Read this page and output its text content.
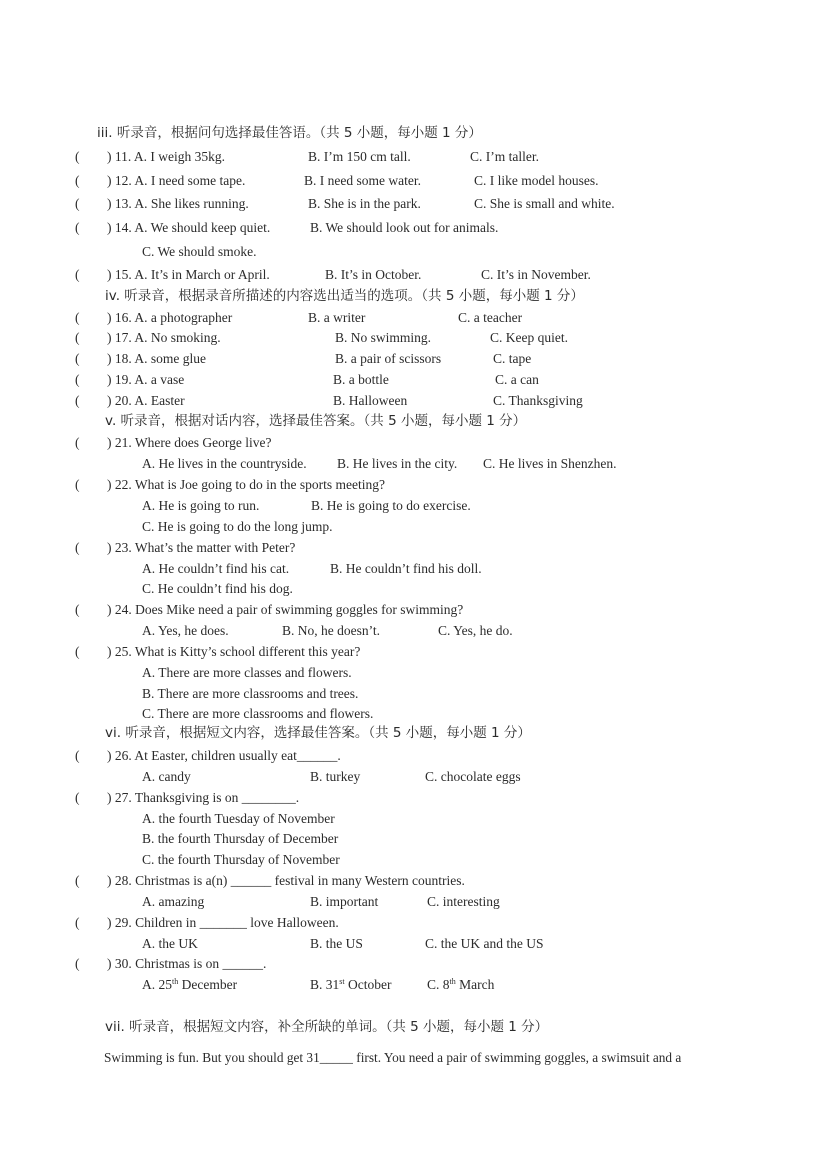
iii. 听录音，根据问句选择最佳答语。（共 5 小题，每小题 1 分）
( ) 11. A. I weigh 35kg.	B. I’m 150 cm tall.	C. I’m taller.
( ) 12. A. I need some tape.	B. I need some water.	C. I like model houses.
( ) 13. A. She likes running.	B. She is in the park.	C. She is small and white.
( ) 14. A. We should keep quiet.	B. We should look out for animals.
C. We should smoke.
( ) 15. A. It’s in March or April.	B. It’s in October.	C. It’s in November.
iv. 听录音，根据录音所描述的内容选出适当的选项。（共 5 小题，每小题 1 分）
( ) 16. A. a photographer	B. a writer	C. a teacher
( ) 17. A. No smoking.	B. No swimming.	C. Keep quiet.
( ) 18. A. some glue	B. a pair of scissors	C. tape
( ) 19. A. a vase	B. a bottle	C. a can
( ) 20. A. Easter	B. Halloween	C. Thanksgiving
v. 听录音，根据对话内容，选择最佳答案。（共 5 小题，每小题 1 分）
( ) 21. Where does George live?
A. He lives in the countryside. B. He lives in the city. C. He lives in Shenzhen.
( ) 22. What is Joe going to do in the sports meeting?
A. He is going to run.	B. He is going to do exercise.
C. He is going to do the long jump.
( ) 23. What’s the matter with Peter?
A. He couldn’t find his cat.	B. He couldn’t find his doll.
C. He couldn’t find his dog.
( ) 24. Does Mike need a pair of swimming goggles for swimming?
A. Yes, he does.	B. No, he doesn’t.	C. Yes, he do.
( ) 25. What is Kitty’s school different this year?
A. There are more classes and flowers.
B. There are more classrooms and trees.
C. There are more classrooms and flowers.
vi. 听录音，根据短文内容，选择最佳答案。（共 5 小题，每小题 1 分）
( ) 26. At Easter, children usually eat______.
A. candy	B. turkey	C. chocolate eggs
( ) 27. Thanksgiving is on ________.
A. the fourth Tuesday of November
B. the fourth Thursday of December
C. the fourth Thursday of November
( ) 28. Christmas is a(n) ______ festival in many Western countries.
A. amazing	B. important	C. interesting
( ) 29. Children in _______ love Halloween.
A. the UK	B. the US	C. the UK and the US
( ) 30. Christmas is on ______.
A. 25th December	B. 31st October	C. 8th March
vii. 听录音，根据短文内容，补全所缺的单词。（共 5 小题，每小题 1 分）
Swimming is fun. But you should get 31_____ first. You need a pair of swimming goggles, a swimsuit and a
